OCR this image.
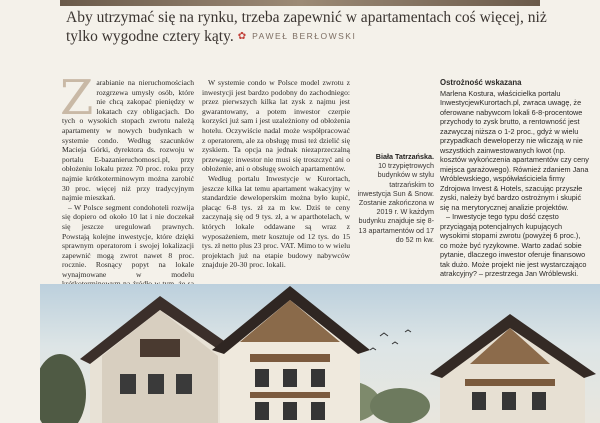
Aby utrzymać się na rynku, trzeba zapewnić w apartamentach coś więcej, niż tylko wygodne cztery kąty. ✿ PAWEŁ BERŁOWSKI

Zarabianie na nieruchomościach rozgrzewa umysły osób, które nie chcą zakopać pieniędzy w lokatach czy obligacjach. Do tych o wysokich stopach zwrotu należą apartamenty w nowych budynkach w systemie condo. Według szacunków Macieja Górki, dyrektora ds. rozwoju w portalu E-bazanieruchomosci.pl, przy obłożeniu lokalu przez 70 proc. roku przy najmie krótkoterminowym można zarobić 30 proc. więcej niż przy tradycyjnym najmie mieszkań.

– W Polsce segment condohoteli rozwija się dopiero od około 10 lat i nie doczekał się jeszcze uregulowań prawnych. Powstają kolejne inwestycje, które dzięki sprawnym operatorom i swojej lokalizacji zapewnić mogą zwrot nawet 8 proc. rocznie. Rosnący popyt na lokale wynajmowane w modelu

W systemie condo w Polsce model zwrotu z inwestycji jest bardzo podobny do zachodniego: przez pierwszych kilka lat zysk z najmu jest gwarantowany, a potem inwestor czerpie korzyści już sam i jest uzależniony od obłożenia hotelu. Oczywiście nadal może współpracować z operatorem, ale za obsługę musi też dzielić się zyskiem. Ta opcja na jednak niezaprzeczalną przewagę: inwestor nie musi się troszczyć ani o obłożenie, ani o obsługę swoich apartamentów.

Według portalu Inwestycje w Kurortach, jeszcze kilka lat temu apartament wakacyjny w standardzie deweloperskim można było kupić, płacąc 6-8 tys. zł za m kw. Dziś te ceny zaczynają się od 9 tys. zł, a w aparthotelach, w których lokale oddawane są wraz z wyposażeniem, metr kosztuje od 12 tys. do 15 tys. zł netto plus 23 proc. VAT. Mimo to w wielu projektach już na etapie budowy nabywców znajduje 20-30 proc. lokali.

Biała Tatrzańska.
10 trzypiętrowych budynków w stylu tatrzańskim to inwestycja Sun & Snow. Zostanie zakończona w 2019 r. W każdym budynku znajduje się 8-13 apartamentów od 17 do 52 m kw.
Ostrożność wskazana

Marlena Kostura, właścicielka portalu InwestycjewKurortach.pl, zwraca uwagę, że oferowane nabywcom lokali 6-8-procentowe przychody to zysk brutto, a rentowność jest zazwyczaj niższa o 1-2 proc., gdyż w wielu przypadkach deweloperzy nie wliczają w nie wszystkich zainwestowanych kwot (np. kosztów wykończenia apartamentów czy ceny miejsca garażowego). Również zdaniem Jana Wróblewskiego, współwłaściciela firmy Zdrojowa Invest & Hotels, szacując przyszłe zyski, należy być bardzo ostrożnym i skupić się na merytorycznej analizie projektów.

– Inwestycje tego typu dość często przyciągają potencjalnych kupujących wysokimi stopami zwrotu (powyżej 6 proc.), co może być ryzykowne. Warto zadać sobie pytanie, dlaczego inwestor oferuje finansowo tak dużo. Może projekt nie jest wystarczająco atrakcyjny? – przestrzega Jan Wróblewski.
